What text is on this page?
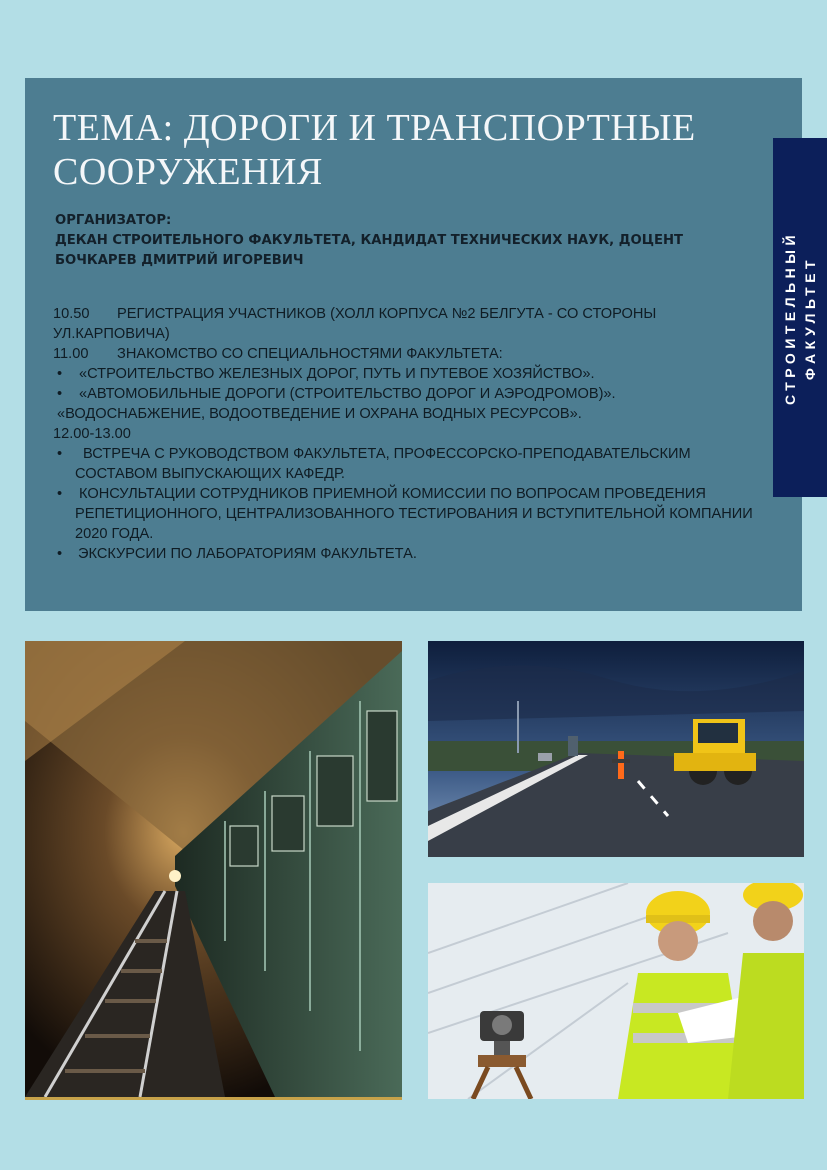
ТЕМА: ДОРОГИ И ТРАНСПОРТНЫЕ СООРУЖЕНИЯ
ОРГАНИЗАТОР:
ДЕКАН СТРОИТЕЛЬНОГО ФАКУЛЬТЕТА, КАНДИДАТ ТЕХНИЧЕСКИХ НАУК, ДОЦЕНТ
БОЧКАРЕВ ДМИТРИЙ ИГОРЕВИЧ
10.50 РЕГИСТРАЦИЯ УЧАСТНИКОВ (ХОЛЛ КОРПУСА №2 БЕЛГУТА - СО СТОРОНЫ
УЛ.КАРПОВИЧА)
11.00 ЗНАКОМСТВО СО СПЕЦИАЛЬНОСТЯМИ ФАКУЛЬТЕТА:
• «СТРОИТЕЛЬСТВО ЖЕЛЕЗНЫХ ДОРОГ, ПУТЬ И ПУТЕВОЕ ХОЗЯЙСТВО».
• «АВТОМОБИЛЬНЫЕ ДОРОГИ (СТРОИТЕЛЬСТВО ДОРОГ И АЭРОДРОМОВ)».
«ВОДОСНАБЖЕНИЕ, ВОДООТВЕДЕНИЕ И ОХРАНА ВОДНЫХ РЕСУРСОВ».
12.00-13.00
• ВСТРЕЧА С РУКОВОДСТВОМ ФАКУЛЬТЕТА, ПРОФЕССОРСКО-ПРЕПОДАВАТЕЛЬСКИМ СОСТАВОМ ВЫПУСКАЮЩИХ КАФЕДР.
• КОНСУЛЬТАЦИИ СОТРУДНИКОВ ПРИЕМНОЙ КОМИССИИ ПО ВОПРОСАМ ПРОВЕДЕНИЯ РЕПЕТИЦИОННОГО, ЦЕНТРАЛИЗОВАННОГО ТЕСТИРОВАНИЯ И ВСТУПИТЕЛЬНОЙ КОМПАНИИ 2020 ГОДА.
• ЭКСКУРСИИ ПО ЛАБОРАТОРИЯМ ФАКУЛЬТЕТА.
СТРОИТЕЛЬНЫЙ ФАКУЛЬТЕТ
